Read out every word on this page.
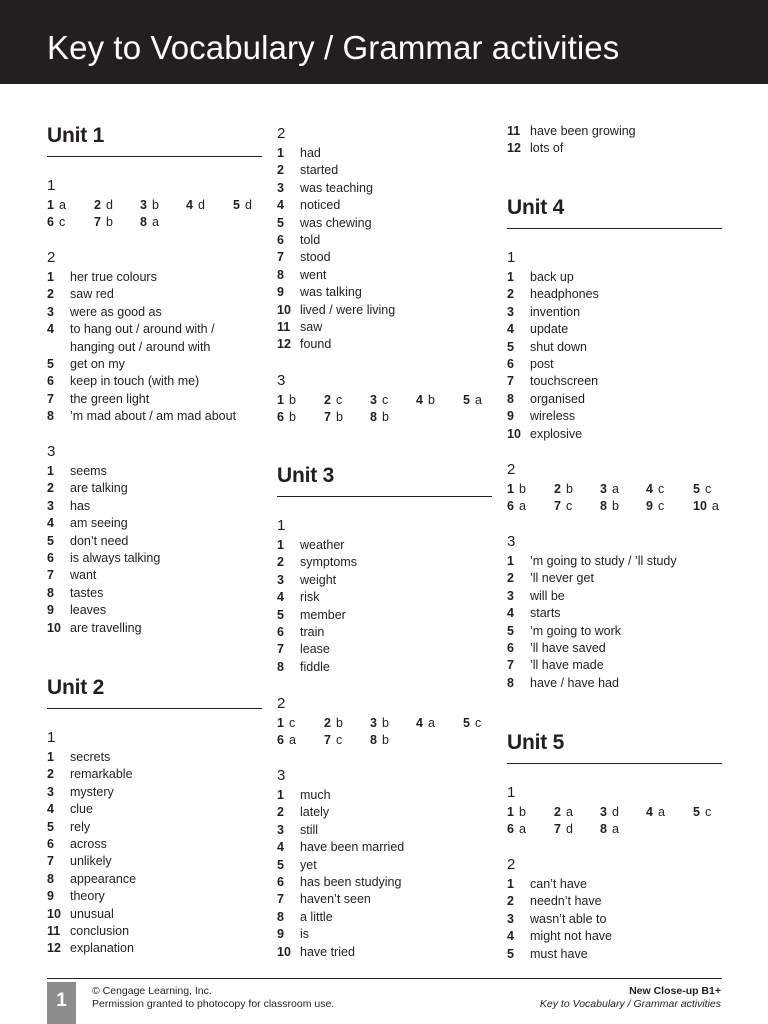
Key to Vocabulary / Grammar activities
Unit 1
1
1 a 2 d 3 b 4 d 5 d
6 c 7 b 8 a
2
1 her true colours
2 saw red
3 were as good as
4 to hang out / around with /
hanging out / around with
5 get on my
6 keep in touch (with me)
7 the green light
8 ’m mad about / am mad about
3
1 seems
2 are talking
3 has
4 am seeing
5 don’t need
6 is always talking
7 want
8 tastes
9 leaves
10 are travelling
Unit 2
1
1 secrets
2 remarkable
3 mystery
4 clue
5 rely
6 across
7 unlikely
8 appearance
9 theory
10 unusual
11 conclusion
12 explanation
2
1 had
2 started
3 was teaching
4 noticed
5 was chewing
6 told
7 stood
8 went
9 was talking
10 lived / were living
11 saw
12 found
3
1 b 2 c 3 c 4 b 5 a
6 b 7 b 8 b
Unit 3
1
1 weather
2 symptoms
3 weight
4 risk
5 member
6 train
7 lease
8 fiddle
2
1 c 2 b 3 b 4 a 5 c
6 a 7 c 8 b
3
1 much
2 lately
3 still
4 have been married
5 yet
6 has been studying
7 haven’t seen
8 a little
9 is
10 have tried
11 have been growing
12 lots of
Unit 4
1
1 back up
2 headphones
3 invention
4 update
5 shut down
6 post
7 touchscreen
8 organised
9 wireless
10 explosive
2
1 b 2 b 3 a 4 c 5 c
6 a 7 c 8 b 9 c 10 a
3
1 ’m going to study / ’ll study
2 ’ll never get
3 will be
4 starts
5 ’m going to work
6 ’ll have saved
7 ’ll have made
8 have / have had
Unit 5
1
1 b 2 a 3 d 4 a 5 c
6 a 7 d 8 a
2
1 can’t have
2 needn’t have
3 wasn’t able to
4 might not have
5 must have
1	© Cengage Learning, Inc.
Permission granted to photocopy for classroom use.
New Close-up B1+
Key to Vocabulary / Grammar activities
